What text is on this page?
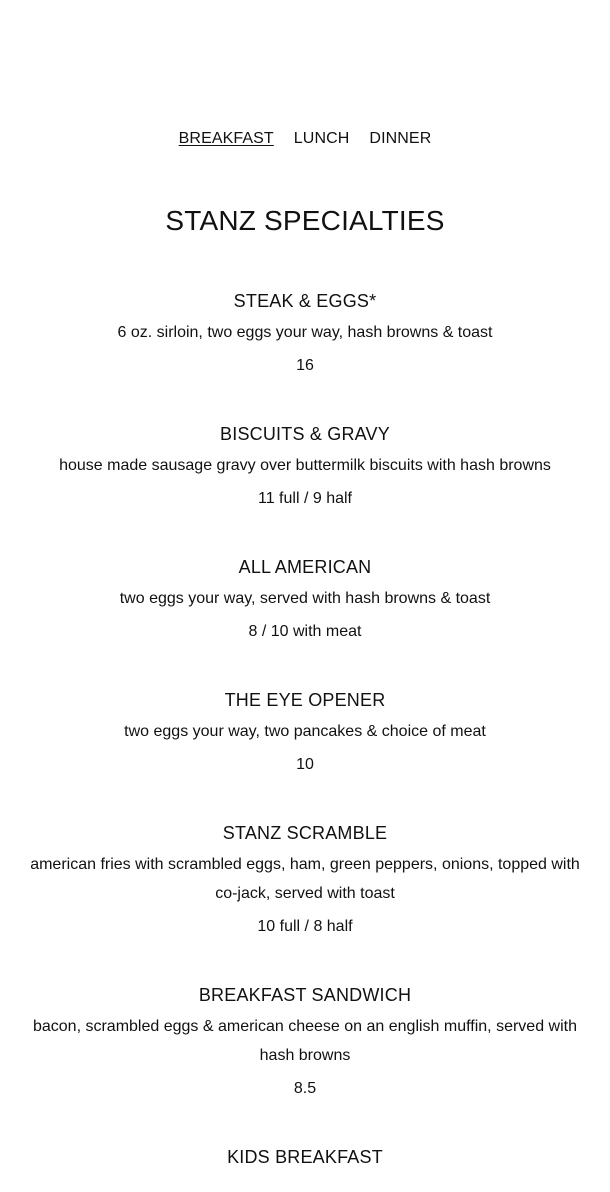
BREAKFAST LUNCH DINNER
STANZ SPECIALTIES
STEAK & EGGS*
6 oz. sirloin, two eggs your way, hash browns & toast
16
BISCUITS & GRAVY
house made sausage gravy over buttermilk biscuits with hash browns
11 full / 9 half
ALL AMERICAN
two eggs your way, served with hash browns & toast
8 / 10 with meat
THE EYE OPENER
two eggs your way, two pancakes & choice of meat
10
STANZ SCRAMBLE
american fries with scrambled eggs, ham, green peppers, onions, topped with co-jack, served with toast
10 full / 8 half
BREAKFAST SANDWICH
bacon, scrambled eggs & american cheese on an english muffin, served with hash browns
8.5
KIDS BREAKFAST
